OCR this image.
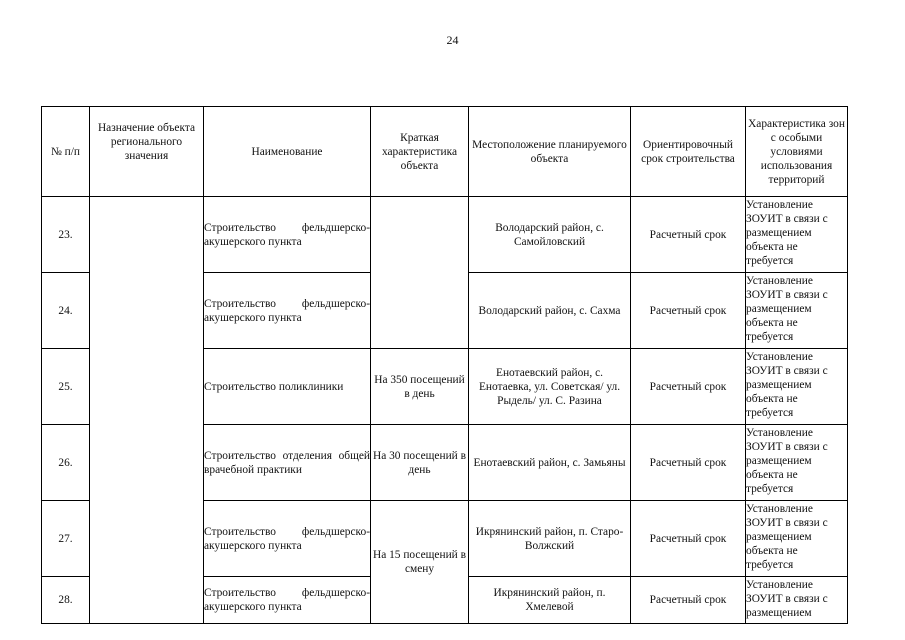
24
№ п/п	Назначение объекта регионального значения	Наименование	Краткая характеристика объекта	Местоположение планируемого объекта	Ориентировочный срок строительства	Характеристика зон с особыми условиями использования территорий
23.		Строительство фельдшерско-акушерского пункта		Володарский район, с. Самойловский	Расчетный срок	Установление ЗОУИТ в связи с размещением объекта не требуется
24.		Строительство фельдшерско-акушерского пункта		Володарский район, с. Сахма	Расчетный срок	Установление ЗОУИТ в связи с размещением объекта не требуется
25.		Строительство поликлиники	На 350 посещений в день	Енотаевский район, с. Енотаевка, ул. Советская/ ул. Рыдель/ ул. С. Разина	Расчетный срок	Установление ЗОУИТ в связи с размещением объекта не требуется
26.		Строительство отделения общей врачебной практики	На 30 посещений в день	Енотаевский район, с. Замьяны	Расчетный срок	Установление ЗОУИТ в связи с размещением объекта не требуется
27.		Строительство фельдшерско-акушерского пункта	На 15 посещений в смену	Икрянинский район, п. Старо-Волжский	Расчетный срок	Установление ЗОУИТ в связи с размещением объекта не требуется
28.		Строительство фельдшерско-акушерского пункта		Икрянинский район, п. Хмелевой	Расчетный срок	Установление ЗОУИТ в связи с размещением
